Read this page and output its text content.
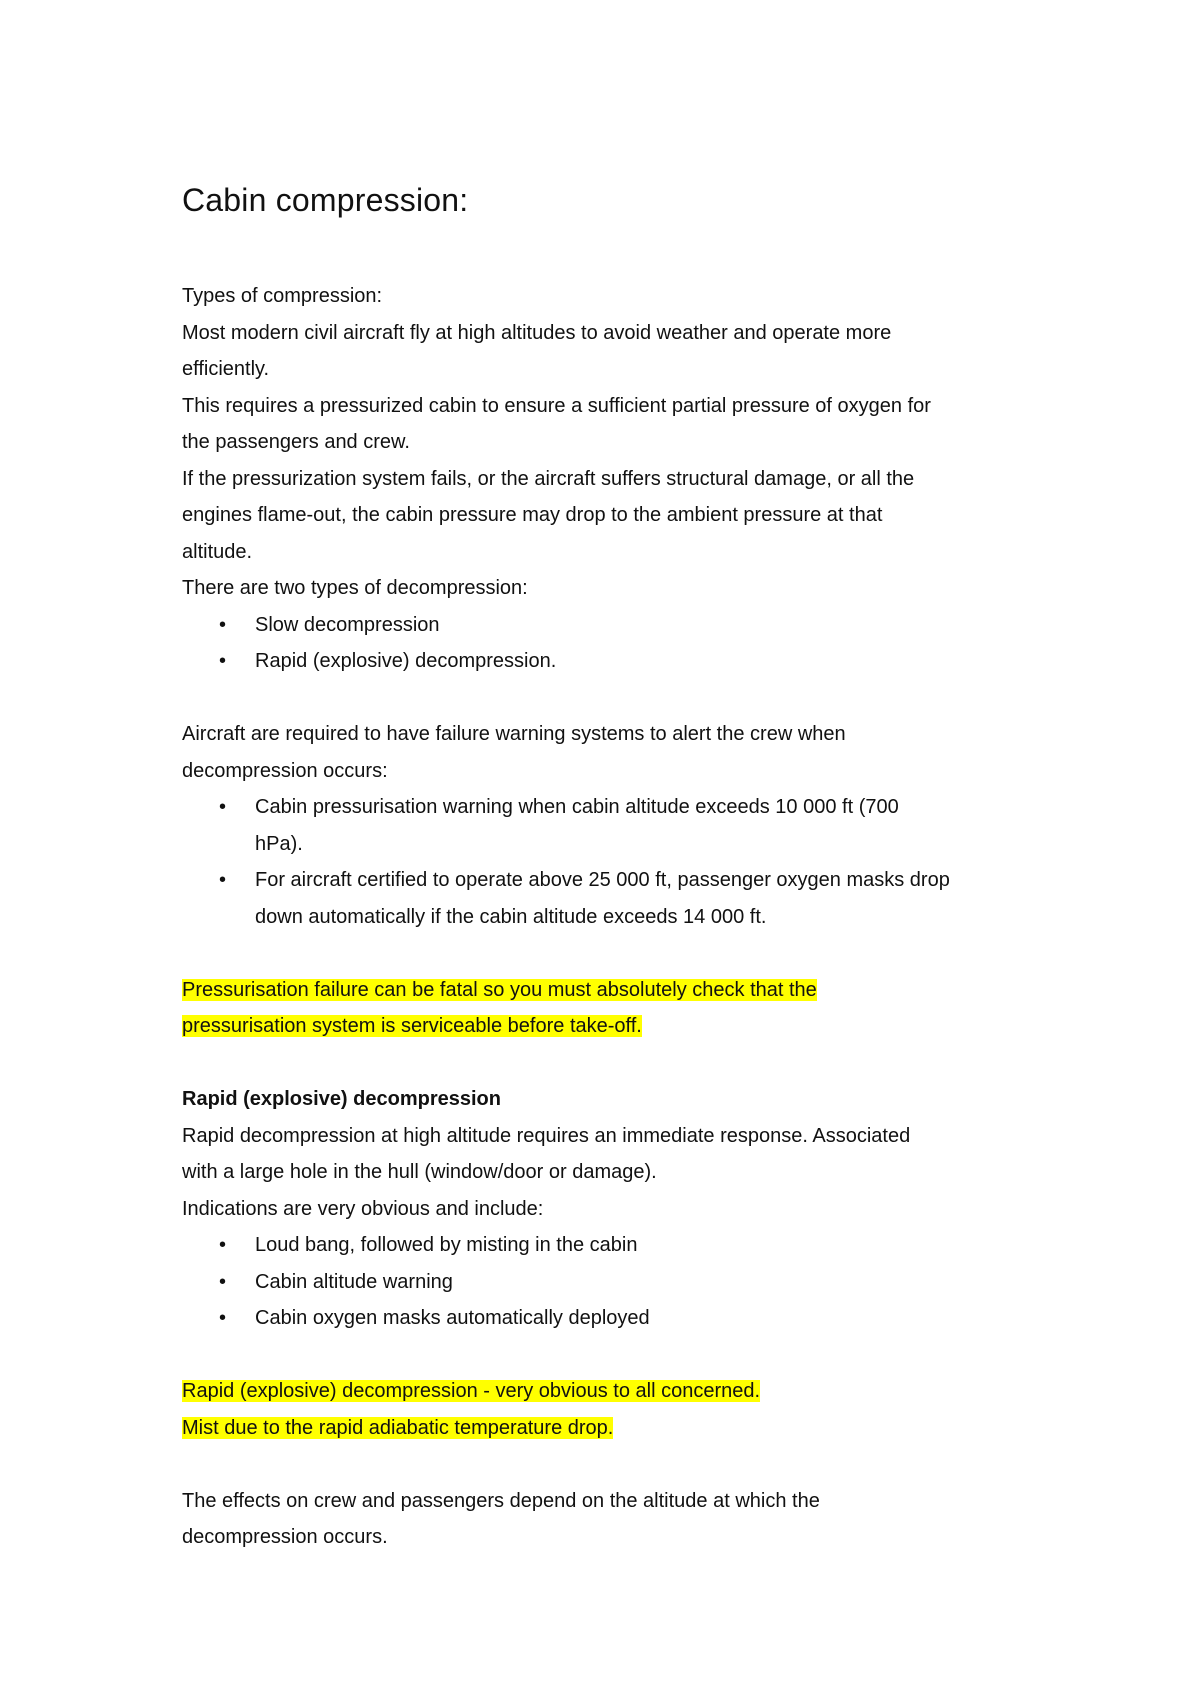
Cabin compression:
Types of compression:
Most modern civil aircraft fly at high altitudes to avoid weather and operate more
efficiently.
This requires a pressurized cabin to ensure a sufficient partial pressure of oxygen for
the passengers and crew.
If the pressurization system fails, or the aircraft suffers structural damage, or all the
engines flame-out, the cabin pressure may drop to the ambient pressure at that
altitude.
There are two types of decompression:
• Slow decompression
• Rapid (explosive) decompression.
Aircraft are required to have failure warning systems to alert the crew when
decompression occurs:
• Cabin pressurisation warning when cabin altitude exceeds 10 000 ft (700
hPa).
• For aircraft certified to operate above 25 000 ft, passenger oxygen masks drop
down automatically if the cabin altitude exceeds 14 000 ft.
Pressurisation failure can be fatal so you must absolutely check that the
pressurisation system is serviceable before take-off.
Rapid (explosive) decompression
Rapid decompression at high altitude requires an immediate response. Associated
with a large hole in the hull (window/door or damage).
Indications are very obvious and include:
• Loud bang, followed by misting in the cabin
• Cabin altitude warning
• Cabin oxygen masks automatically deployed
Rapid (explosive) decompression - very obvious to all concerned.
Mist due to the rapid adiabatic temperature drop.
The effects on crew and passengers depend on the altitude at which the
decompression occurs.
